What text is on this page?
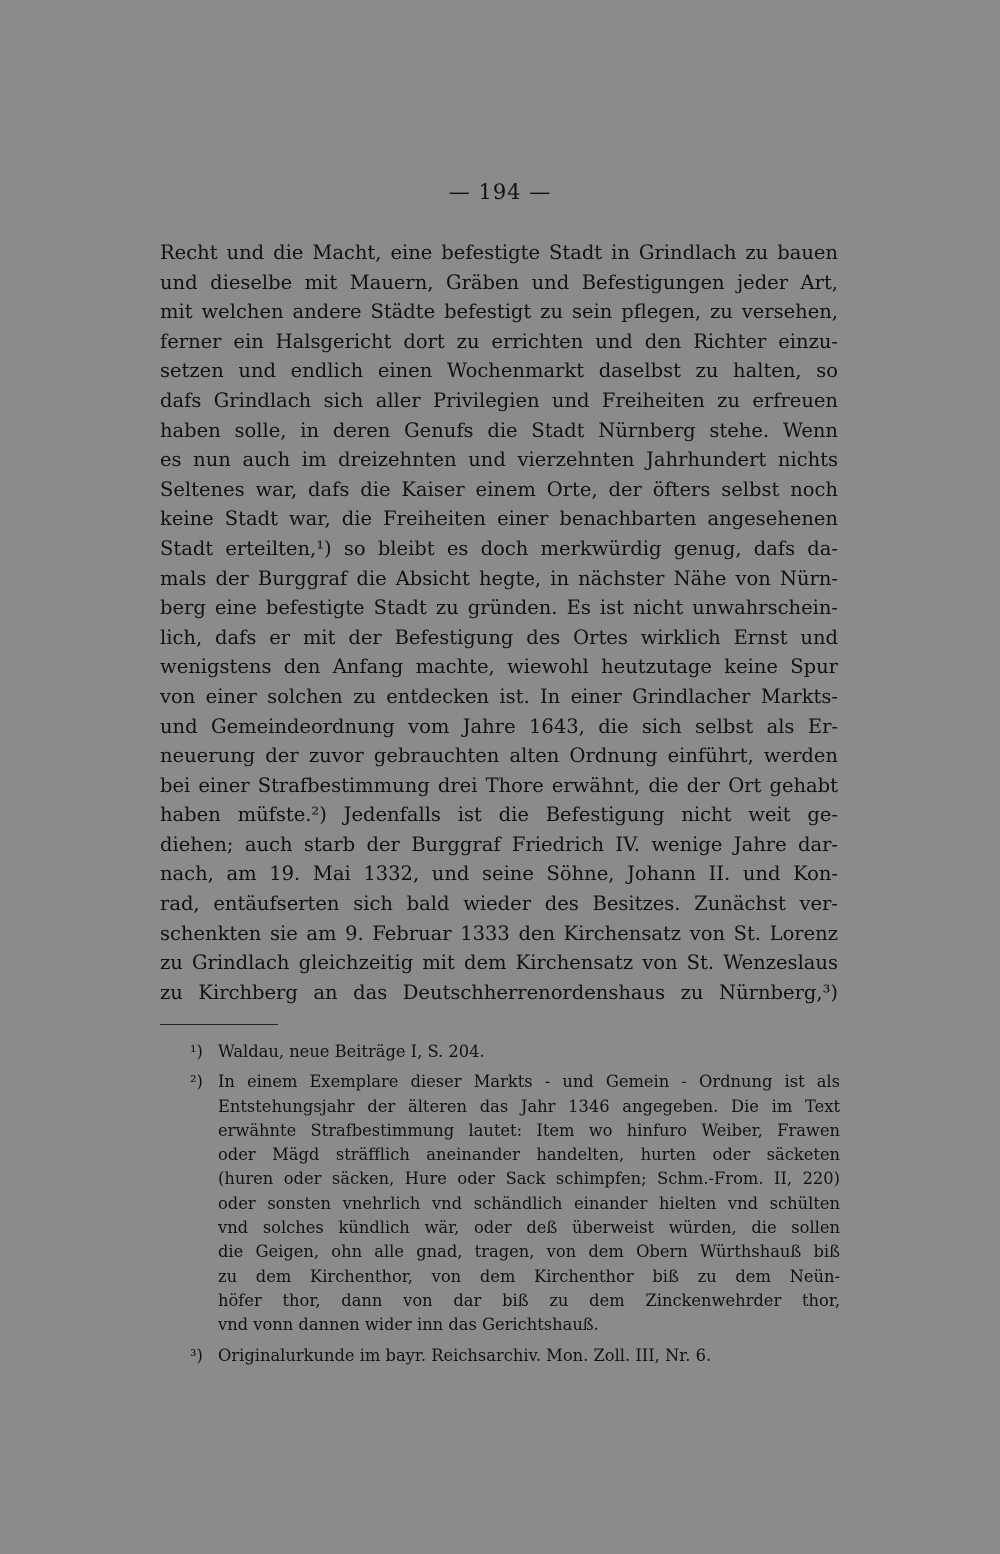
— 194 —
Recht und die Macht, eine befestigte Stadt in Grindlach zu bauen
und dieselbe mit Mauern, Gräben und Befestigungen jeder Art,
mit welchen andere Städte befestigt zu sein pflegen, zu versehen,
ferner ein Halsgericht dort zu errichten und den Richter einzu-
setzen und endlich einen Wochenmarkt daselbst zu halten, so
dafs Grindlach sich aller Privilegien und Freiheiten zu erfreuen
haben solle, in deren Genufs die Stadt Nürnberg stehe. Wenn
es nun auch im dreizehnten und vierzehnten Jahrhundert nichts
Seltenes war, dafs die Kaiser einem Orte, der öfters selbst noch
keine Stadt war, die Freiheiten einer benachbarten angesehenen
Stadt erteilten,¹) so bleibt es doch merkwürdig genug, dafs da-
mals der Burggraf die Absicht hegte, in nächster Nähe von Nürn-
berg eine befestigte Stadt zu gründen. Es ist nicht unwahrschein-
lich, dafs er mit der Befestigung des Ortes wirklich Ernst und
wenigstens den Anfang machte, wiewohl heutzutage keine Spur
von einer solchen zu entdecken ist. In einer Grindlacher Markts-
und Gemeindeordnung vom Jahre 1643, die sich selbst als Er-
neuerung der zuvor gebrauchten alten Ordnung einführt, werden
bei einer Strafbestimmung drei Thore erwähnt, die der Ort gehabt
haben müfste.²) Jedenfalls ist die Befestigung nicht weit ge-
diehen; auch starb der Burggraf Friedrich IV. wenige Jahre dar-
nach, am 19. Mai 1332, und seine Söhne, Johann II. und Kon-
rad, entäufserten sich bald wieder des Besitzes. Zunächst ver-
schenkten sie am 9. Februar 1333 den Kirchensatz von St. Lorenz
zu Grindlach gleichzeitig mit dem Kirchensatz von St. Wenzeslaus
zu Kirchberg an das Deutschherrenordenshaus zu Nürnberg,³)
¹) Waldau, neue Beiträge I, S. 204.
²) In einem Exemplare dieser Markts - und Gemein - Ordnung ist als
Entstehungsjahr der älteren das Jahr 1346 angegeben. Die im Text
erwähnte Strafbestimmung lautet: Item wo hinfuro Weiber, Frawen
oder Mägd sträfflich aneinander handelten, hurten oder säcketen
(huren oder säcken, Hure oder Sack schimpfen; Schm.-From. II, 220)
oder sonsten vnehrlich vnd schändlich einander hielten vnd schülten
vnd solches kündlich wär, oder deß überweist würden, die sollen
die Geigen, ohn alle gnad, tragen, von dem Obern Würthshauß biß
zu dem Kirchenthor, von dem Kirchenthor biß zu dem Neün-
höfer thor, dann von dar biß zu dem Zinckenwehrder thor,
vnd vonn dannen wider inn das Gerichtshauß.
³) Originalurkunde im bayr. Reichsarchiv. Mon. Zoll. III, Nr. 6.
